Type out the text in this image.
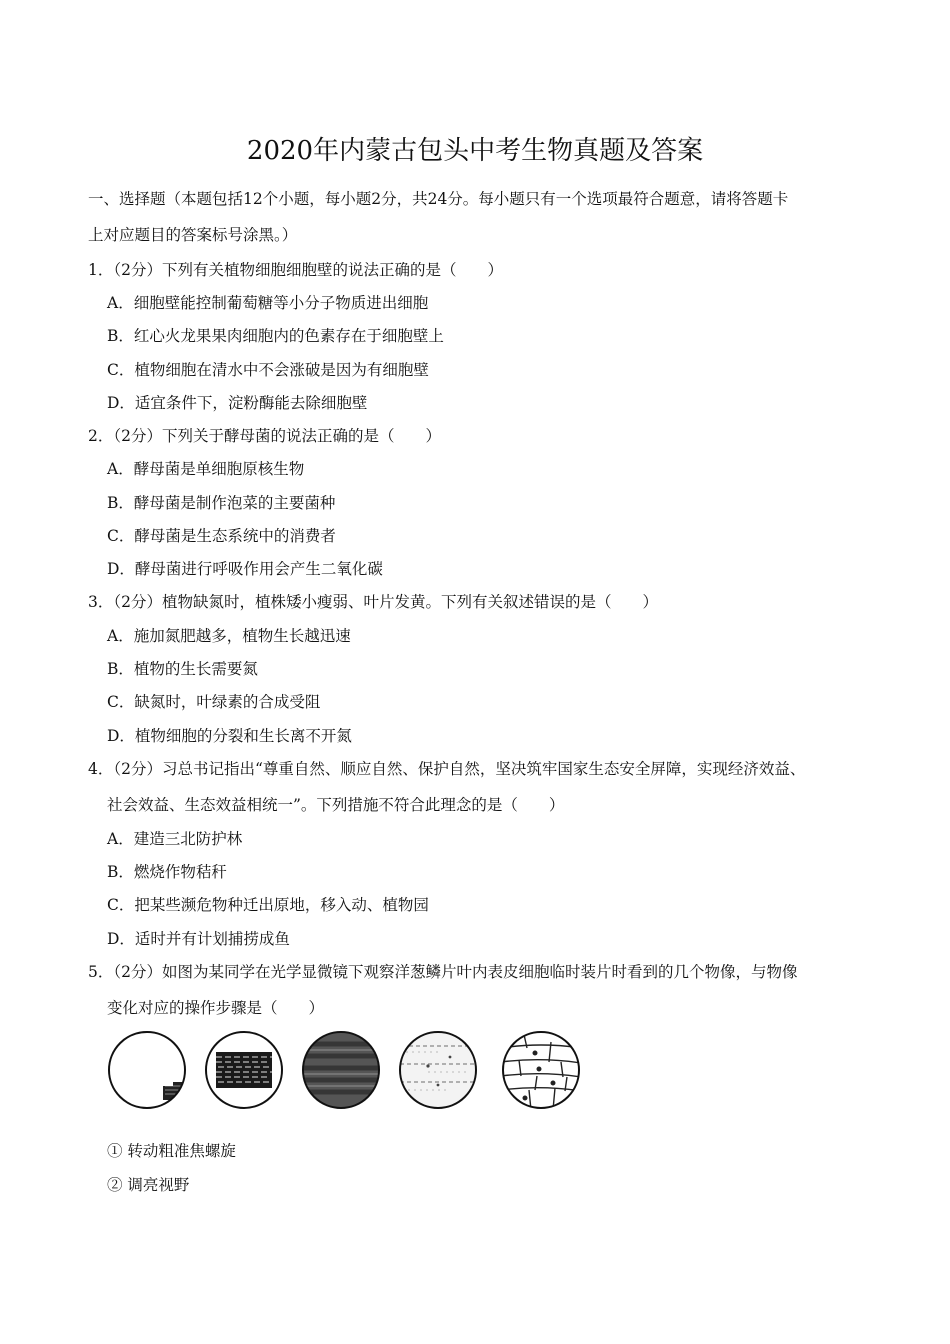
2020年内蒙古包头中考生物真题及答案
一、选择题（本题包括12个小题，每小题2分，共24分。每小题只有一个选项最符合题意，请将答题卡
上对应题目的答案标号涂黑。）
1．（2分）下列有关植物细胞细胞壁的说法正确的是（　　）
A．细胞壁能控制葡萄糖等小分子物质进出细胞
B．红心火龙果果肉细胞内的色素存在于细胞壁上
C．植物细胞在清水中不会涨破是因为有细胞壁
D．适宜条件下，淀粉酶能去除细胞壁
2．（2分）下列关于酵母菌的说法正确的是（　　）
A．酵母菌是单细胞原核生物
B．酵母菌是制作泡菜的主要菌种
C．酵母菌是生态系统中的消费者
D．酵母菌进行呼吸作用会产生二氧化碳
3．（2分）植物缺氮时，植株矮小瘦弱、叶片发黄。下列有关叙述错误的是（　　）
A．施加氮肥越多，植物生长越迅速
B．植物的生长需要氮
C．缺氮时，叶绿素的合成受阻
D．植物细胞的分裂和生长离不开氮
4．（2分）习总书记指出“尊重自然、顺应自然、保护自然，坚决筑牢国家生态安全屏障，实现经济效益、
社会效益、生态效益相统一”。下列措施不符合此理念的是（　　）
A．建造三北防护林
B．燃烧作物秸秆
C．把某些濒危物种迁出原地，移入动、植物园
D．适时并有计划捕捞成鱼
5．（2分）如图为某同学在光学显微镜下观察洋葱鳞片叶内表皮细胞临时装片时看到的几个物像，与物像
变化对应的操作步骤是（　　）
① 转动粗准焦螺旋
② 调亮视野
